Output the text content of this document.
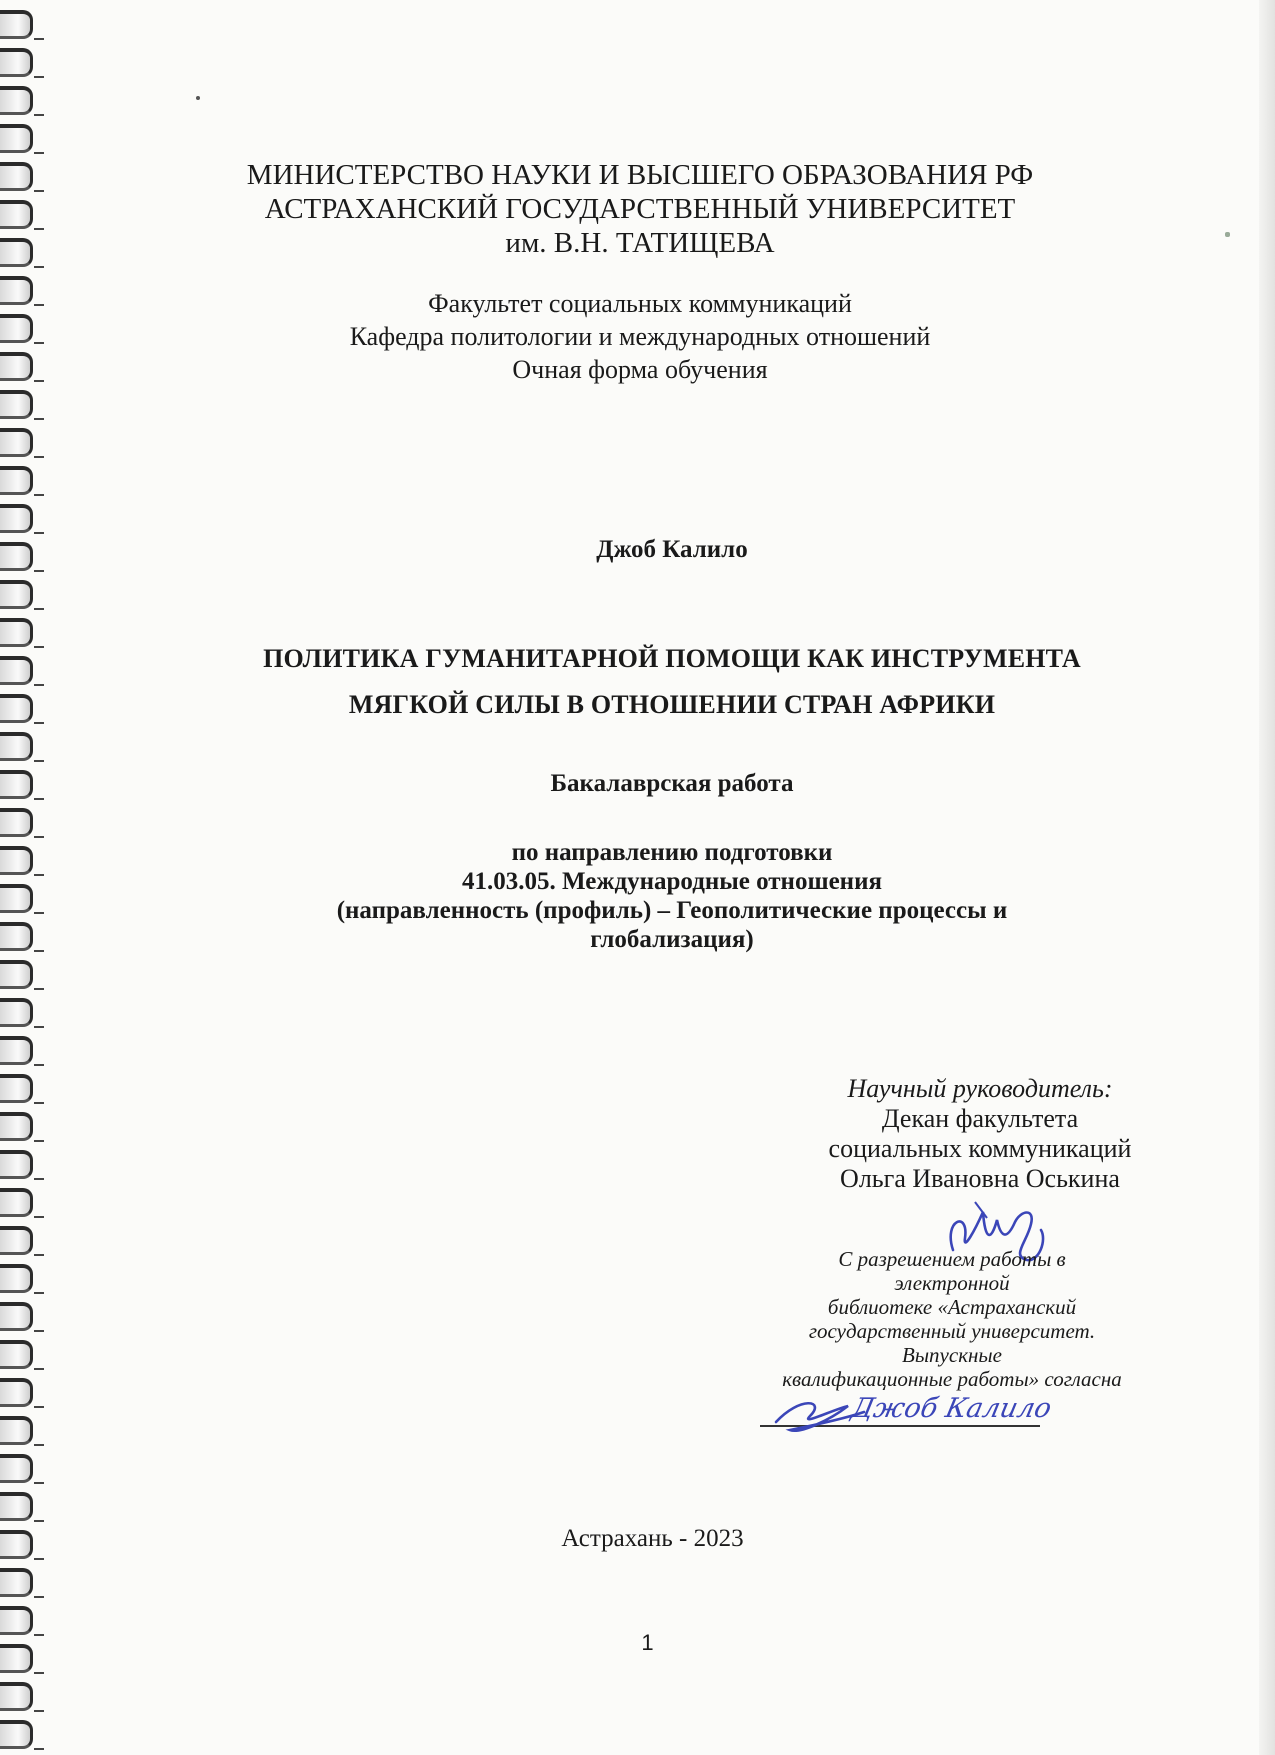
МИНИСТЕРСТВО НАУКИ И ВЫСШЕГО ОБРАЗОВАНИЯ РФ
АСТРАХАНСКИЙ ГОСУДАРСТВЕННЫЙ УНИВЕРСИТЕТ
им. В.Н. ТАТИЩЕВА
Факультет социальных коммуникаций
Кафедра политологии и международных отношений
Очная форма обучения
Джоб Калило
ПОЛИТИКА ГУМАНИТАРНОЙ ПОМОЩИ КАК ИНСТРУМЕНТА
МЯГКОЙ СИЛЫ В ОТНОШЕНИИ СТРАН АФРИКИ
Бакалаврская работа
по направлению подготовки
41.03.05. Международные отношения
(направленность (профиль) – Геополитические процессы и
глобализация)
Научный руководитель:
Декан факультета
социальных коммуникаций
Ольга Ивановна Оськина
С разрешением работы в
электронной
библиотеке «Астраханский
государственный университет.
Выпускные
квалификационные работы» согласна
Джоб Калило
Астрахань - 2023
1
